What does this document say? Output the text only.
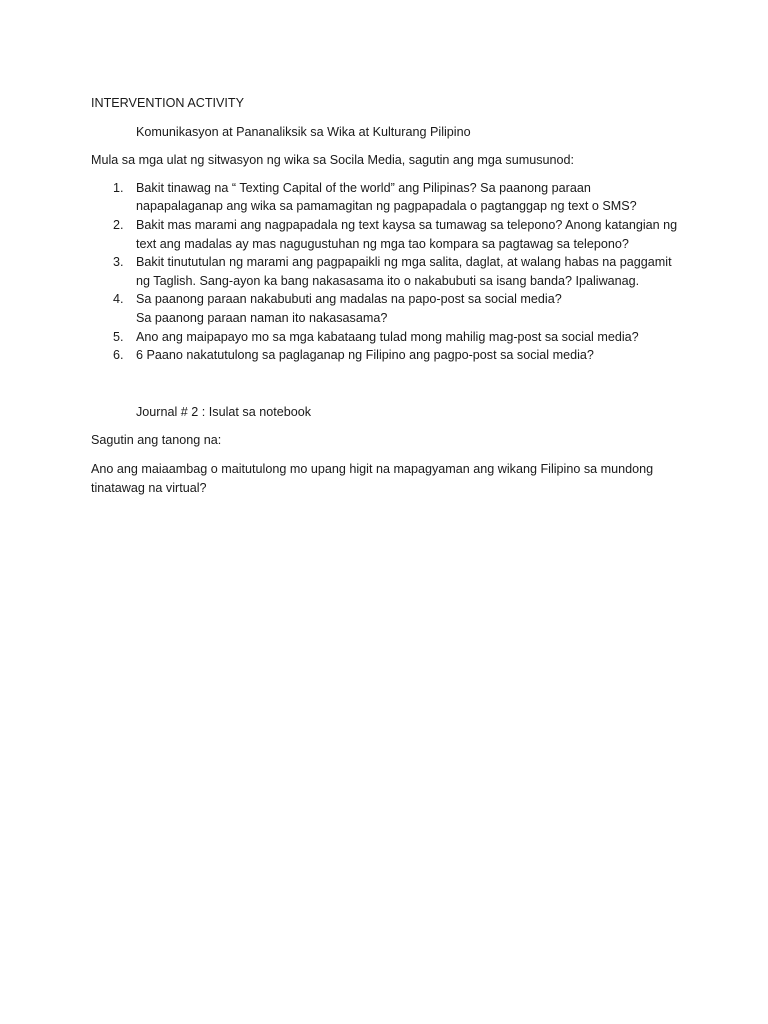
INTERVENTION ACTIVITY
Komunikasyon at Pananaliksik sa Wika at Kulturang Pilipino
Mula sa mga ulat ng sitwasyon ng wika sa Socila Media, sagutin ang mga sumusunod:
1. Bakit tinawag na “ Texting Capital of the world” ang Pilipinas? Sa paanong paraan
napapalaganap ang wika sa pamamagitan ng pagpapadala o pagtanggap ng text o SMS?
2. Bakit mas marami ang nagpapadala ng text kaysa sa tumawag sa telepono? Anong katangian ng
text ang madalas ay mas nagugustuhan ng mga tao kompara sa pagtawag sa telepono?
3. Bakit tinututulan ng marami ang pagpapaikli ng mga salita, daglat, at walang habas na paggamit
ng Taglish. Sang-ayon ka bang nakasasama ito o nakabubuti sa isang banda? Ipaliwanag.
4. Sa paanong paraan nakabubuti ang madalas na papo-post sa social media?
Sa paanong paraan naman ito nakasasama?
5. Ano ang maipapayo mo sa mga kabataang tulad mong mahilig mag-post sa social media?
6. 6 Paano nakatutulong sa paglaganap ng Filipino ang pagpo-post sa social media?
Journal # 2 : Isulat sa notebook
Sagutin ang tanong na:
Ano ang maiaambag o maitutulong mo upang higit na mapagyaman ang wikang Filipino sa mundong
tinatawag na virtual?
